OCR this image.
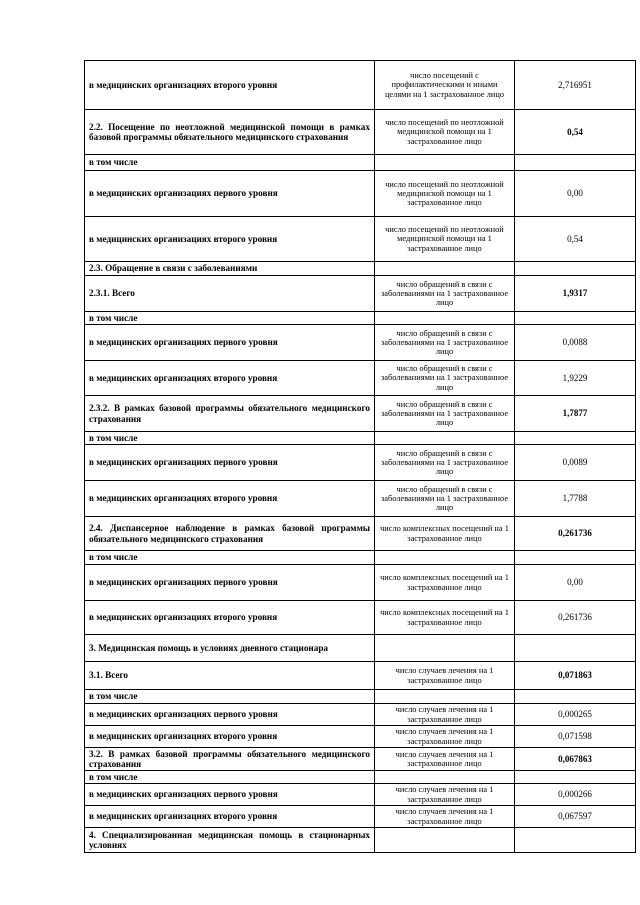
в медицинских организациях второго уровня	число посещений с профилактическими и иными целями на 1 застрахованное лицо	2,716951
2.2. Посещение по неотложной медицинской помощи в рамках базовой программы обязательного медицинского страхования	число посещений по неотложной медицинской помощи на 1 застрахованное лицо	0,54
в том числе		
в медицинских организациях первого уровня	число посещений по неотложной медицинской помощи на 1 застрахованное лицо	0,00
в медицинских организациях второго уровня	число посещений по неотложной медицинской помощи на 1 застрахованное лицо	0,54
2.3. Обращение в связи с заболеваниями		
2.3.1. Всего	число обращений в связи с заболеваниями на 1 застрахованное лицо	1,9317
в том числе		
в медицинских организациях первого уровня	число обращений в связи с заболеваниями на 1 застрахованное лицо	0,0088
в медицинских организациях второго уровня	число обращений в связи с заболеваниями на 1 застрахованное лицо	1,9229
2.3.2. В рамках базовой программы обязательного медицинского страхования	число обращений в связи с заболеваниями на 1 застрахованное лицо	1,7877
в том числе		
в медицинских организациях первого уровня	число обращений в связи с заболеваниями на 1 застрахованное лицо	0,0089
в медицинских организациях второго уровня	число обращений в связи с заболеваниями на 1 застрахованное лицо	1,7788
2.4. Диспансерное наблюдение в рамках базовой программы обязательного медицинского страхования	число комплексных посещений на 1 застрахованное лицо	0,261736
в том числе		
в медицинских организациях первого уровня	число комплексных посещений на 1 застрахованное лицо	0,00
в медицинских организациях второго уровня	число комплексных посещений на 1 застрахованное лицо	0,261736
3. Медицинская помощь в условиях дневного стационара		
3.1. Всего	число случаев лечения на 1 застрахованное лицо	0,071863
в том числе		
в медицинских организациях первого уровня	число случаев лечения на 1 застрахованное лицо	0,000265
в медицинских организациях второго уровня	число случаев лечения на 1 застрахованное лицо	0,071598
3.2. В рамках базовой программы обязательного медицинского страхования	число случаев лечения на 1 застрахованное лицо	0,067863
в том числе		
в медицинских организациях первого уровня	число случаев лечения на 1 застрахованное лицо	0,000266
в медицинских организациях второго уровня	число случаев лечения на 1 застрахованное лицо	0,067597
4. Специализированная медицинская помощь в стационарных условиях		
